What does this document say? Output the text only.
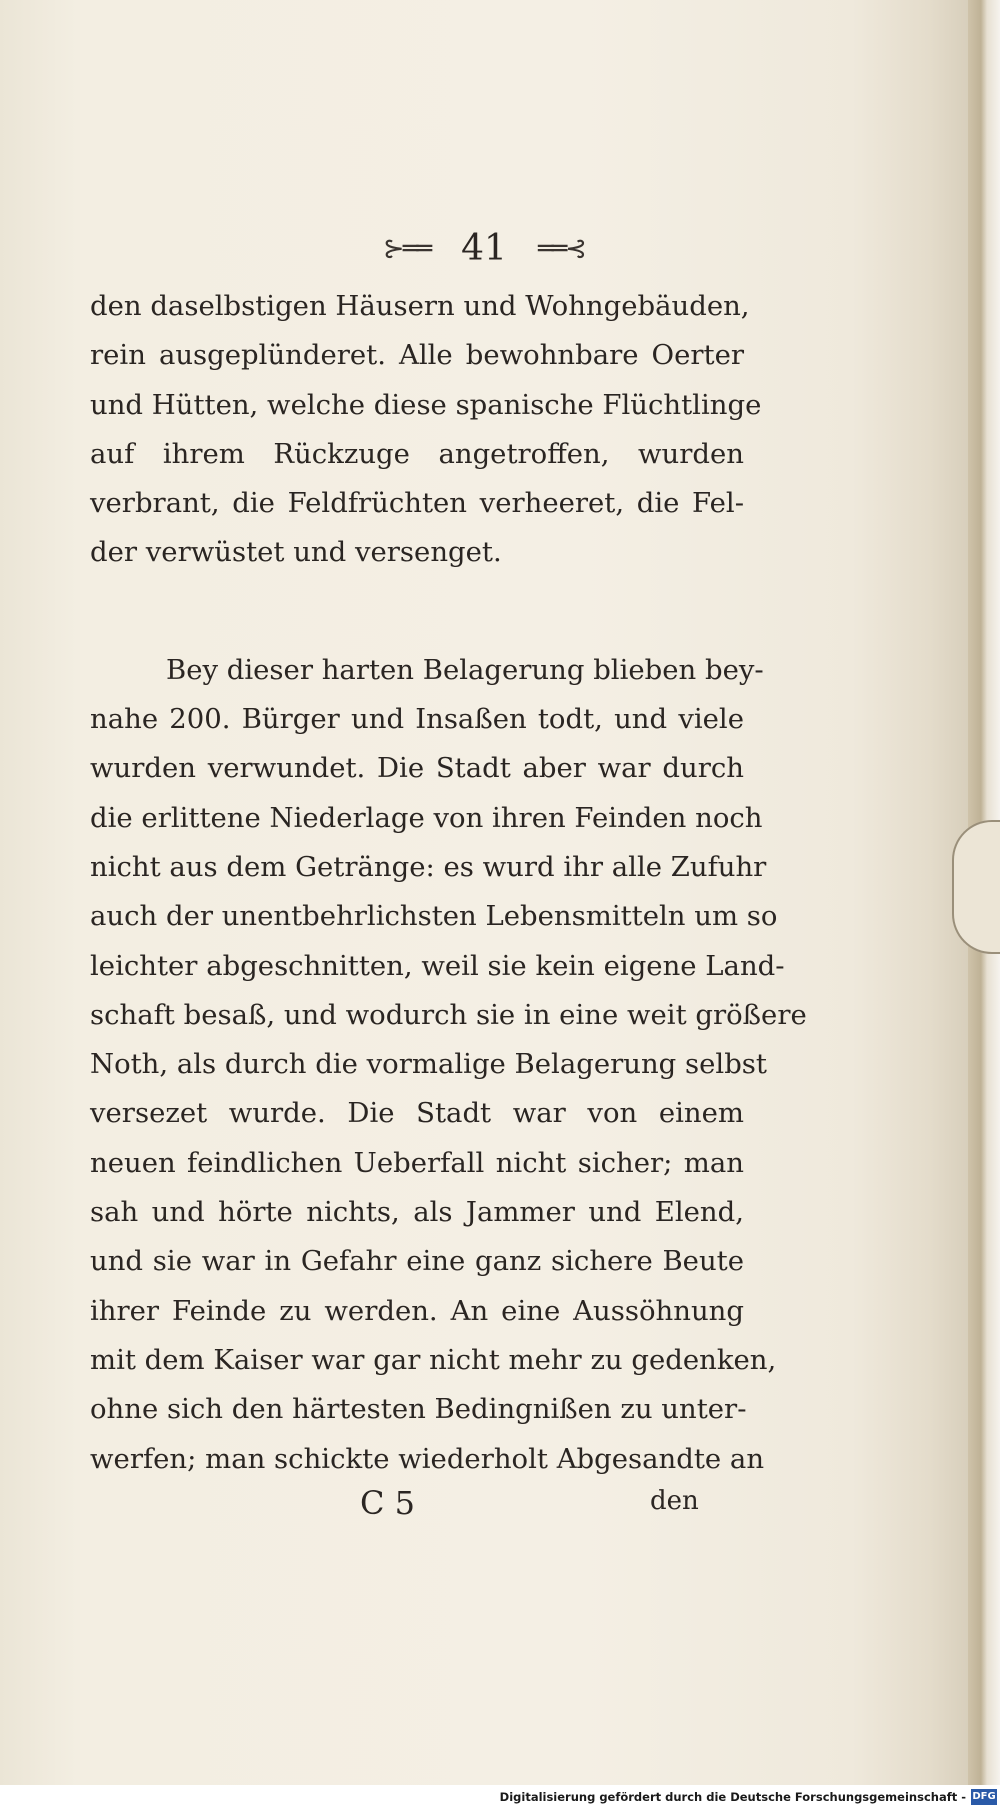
⊱══ 41 ══⊰
den daselbstigen Häusern und Wohngebäuden,
rein ausgeplünderet. Alle bewohnbare Oerter
und Hütten, welche diese spanische Flüchtlinge
auf ihrem Rückzuge angetroffen, wurden
verbrant, die Feldfrüchten verheeret, die Fel-
der verwüstet und versenget.
Bey dieser harten Belagerung blieben bey-
nahe 200. Bürger und Insaßen todt, und viele
wurden verwundet. Die Stadt aber war durch
die erlittene Niederlage von ihren Feinden noch
nicht aus dem Geträngе: es wurd ihr alle Zufuhr
auch der unentbehrlichsten Lebensmitteln um so
leichter abgeschnitten, weil sie kein eigene Land-
schaft besaß, und wodurch sie in eine weit größere
Noth, als durch die vormalige Belagerung selbst
versezet wurde. Die Stadt war von einem
neuen feindlichen Ueberfall nicht sicher; man
sah und hörte nichts, als Jammer und Elend,
und sie war in Gefahr eine ganz sichere Beute
ihrer Feinde zu werden. An eine Aussöhnung
mit dem Kaiser war gar nicht mehr zu gedenken,
ohne sich den härtesten Bedingnißen zu unter-
werfen; man schickte wiederholt Abgesandte an
C 5	den
Digitalisierung gefördert durch die Deutsche Forschungsgemeinschaft - DFG
